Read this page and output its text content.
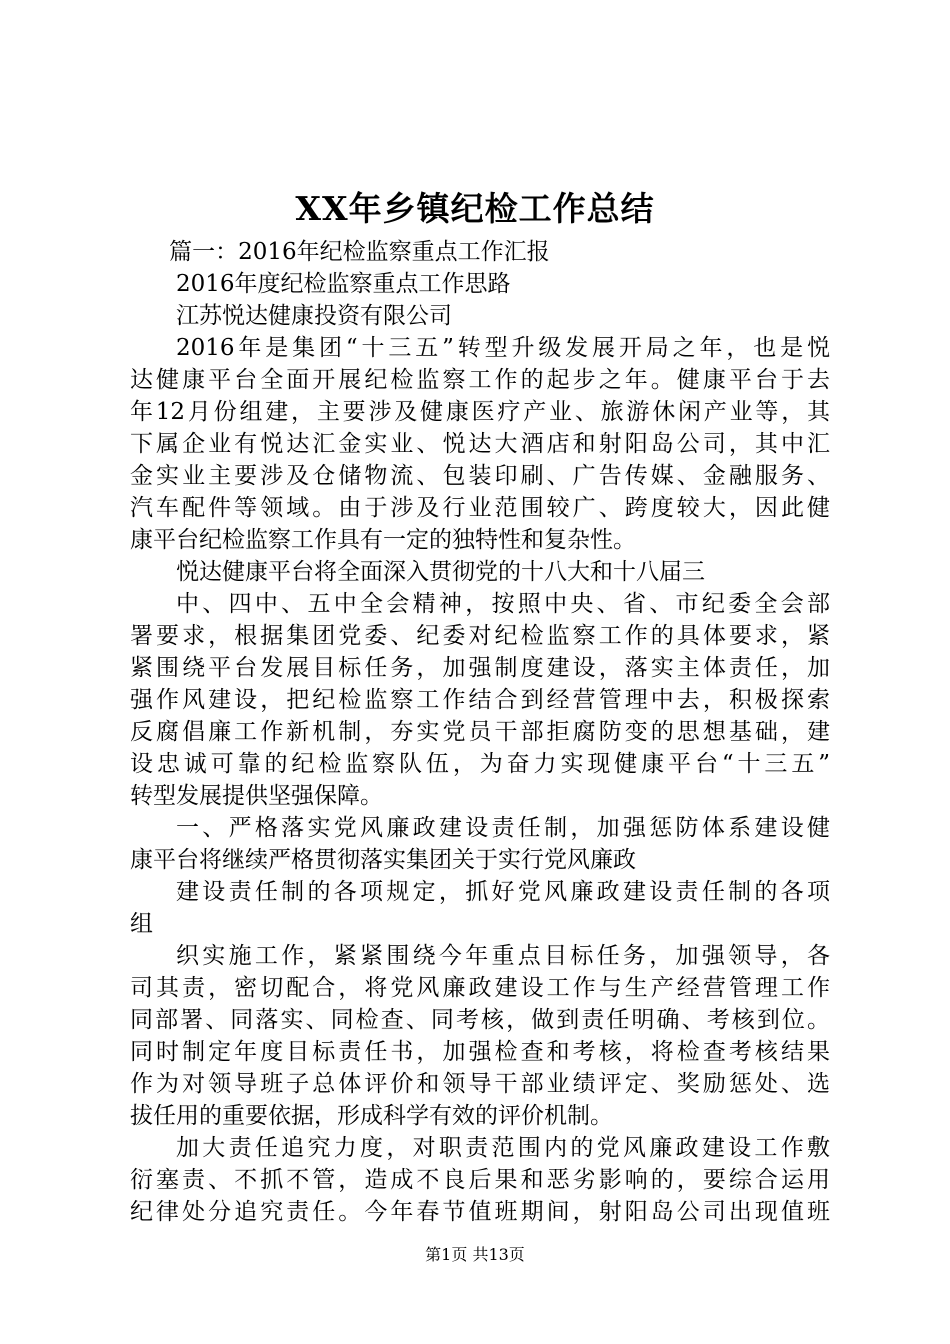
XX年乡镇纪检工作总结
篇一：2016年纪检监察重点工作汇报
2016年度纪检监察重点工作思路
江苏悦达健康投资有限公司
2016年是集团“十三五”转型升级发展开局之年，也是悦
达健康平台全面开展纪检监察工作的起步之年。健康平台于去
年12月份组建，主要涉及健康医疗产业、旅游休闲产业等，其
下属企业有悦达汇金实业、悦达大酒店和射阳岛公司，其中汇
金实业主要涉及仓储物流、包装印刷、广告传媒、金融服务、
汽车配件等领域。由于涉及行业范围较广、跨度较大，因此健
康平台纪检监察工作具有一定的独特性和复杂性。
悦达健康平台将全面深入贯彻党的十八大和十八届三
中、四中、五中全会精神，按照中央、省、市纪委全会部
署要求，根据集团党委、纪委对纪检监察工作的具体要求，紧
紧围绕平台发展目标任务，加强制度建设，落实主体责任，加
强作风建设，把纪检监察工作结合到经营管理中去，积极探索
反腐倡廉工作新机制，夯实党员干部拒腐防变的思想基础，建
设忠诚可靠的纪检监察队伍，为奋力实现健康平台“十三五”
转型发展提供坚强保障。
一、严格落实党风廉政建设责任制，加强惩防体系建设健
康平台将继续严格贯彻落实集团关于实行党风廉政
建设责任制的各项规定，抓好党风廉政建设责任制的各项
组
织实施工作，紧紧围绕今年重点目标任务，加强领导，各
司其责，密切配合，将党风廉政建设工作与生产经营管理工作
同部署、同落实、同检查、同考核，做到责任明确、考核到位。
同时制定年度目标责任书，加强检查和考核，将检查考核结果
作为对领导班子总体评价和领导干部业绩评定、奖励惩处、选
拔任用的重要依据，形成科学有效的评价机制。
加大责任追究力度，对职责范围内的党风廉政建设工作敷
衍塞责、不抓不管，造成不良后果和恶劣影响的，要综合运用
纪律处分追究责任。今年春节值班期间，射阳岛公司出现值班
第1页 共13页
